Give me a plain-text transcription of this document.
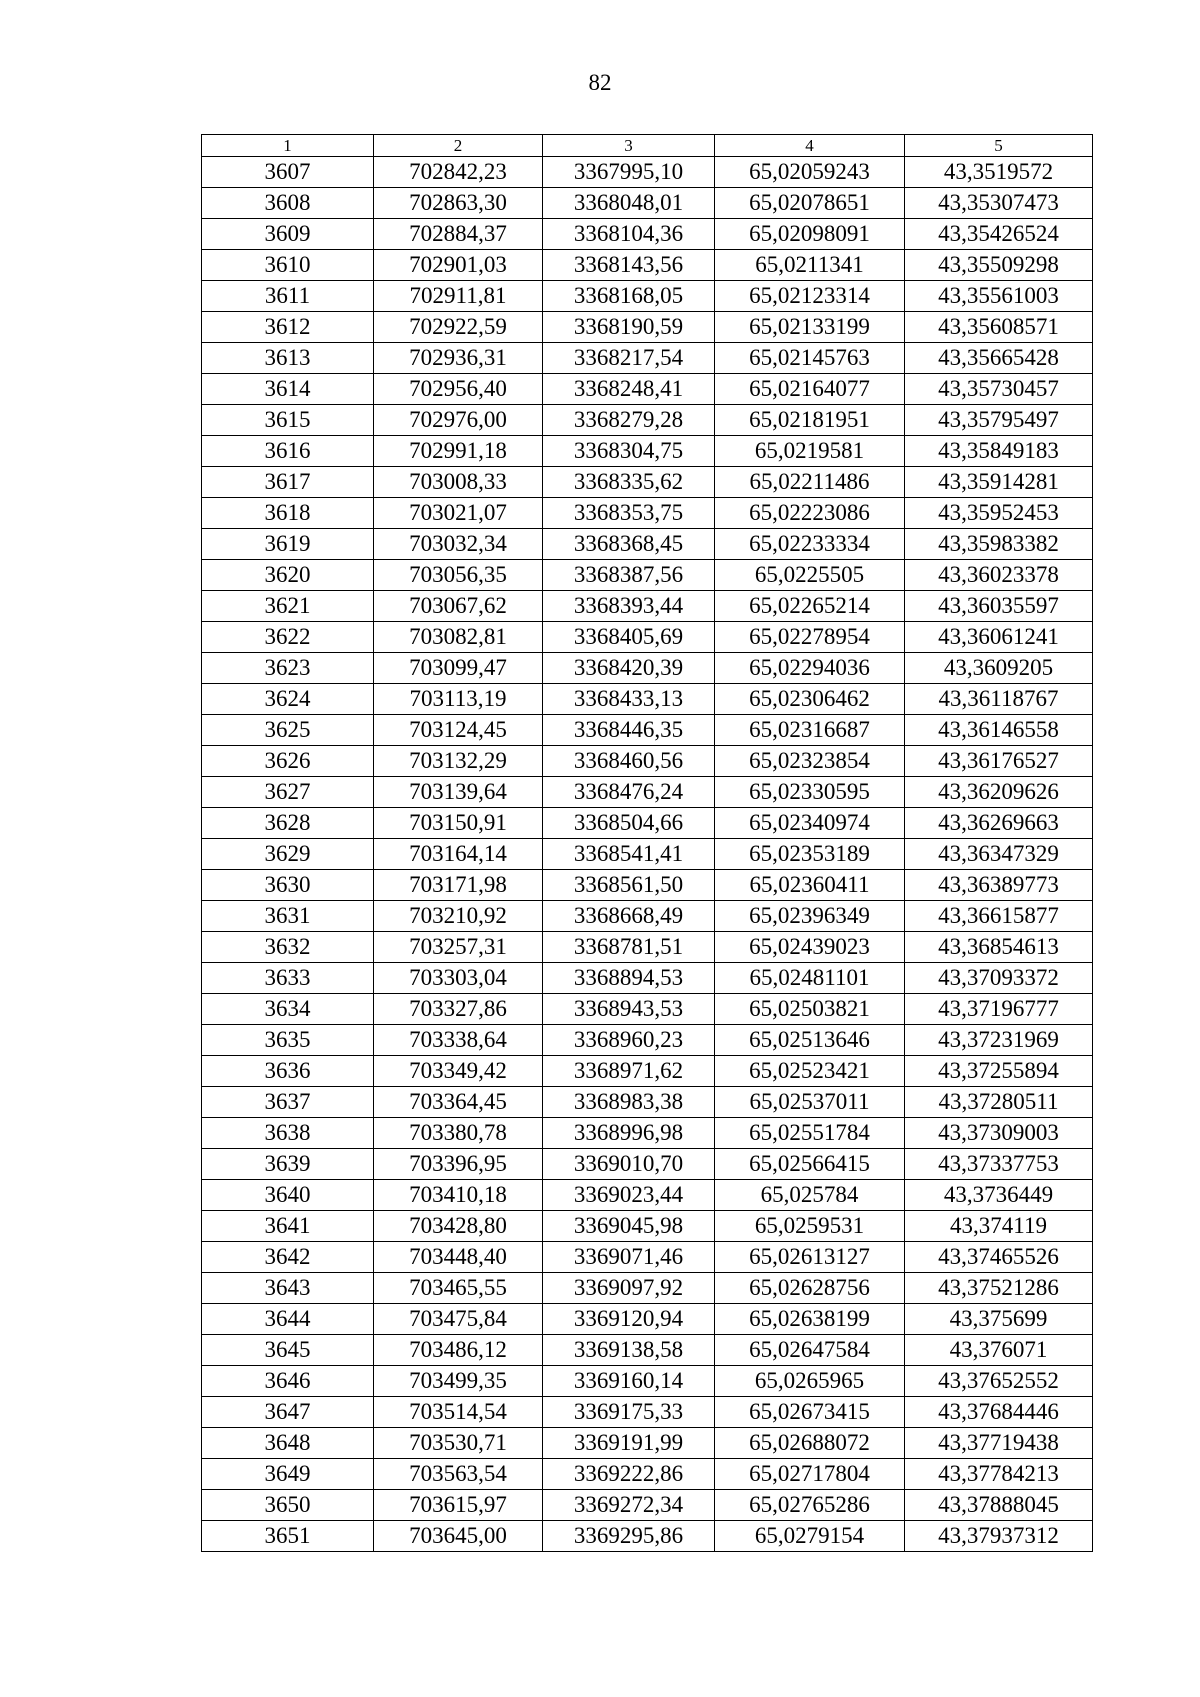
82
1	2	3	4	5
3607	702842,23	3367995,10	65,02059243	43,3519572
3608	702863,30	3368048,01	65,02078651	43,35307473
3609	702884,37	3368104,36	65,02098091	43,35426524
3610	702901,03	3368143,56	65,0211341	43,35509298
3611	702911,81	3368168,05	65,02123314	43,35561003
3612	702922,59	3368190,59	65,02133199	43,35608571
3613	702936,31	3368217,54	65,02145763	43,35665428
3614	702956,40	3368248,41	65,02164077	43,35730457
3615	702976,00	3368279,28	65,02181951	43,35795497
3616	702991,18	3368304,75	65,0219581	43,35849183
3617	703008,33	3368335,62	65,02211486	43,35914281
3618	703021,07	3368353,75	65,02223086	43,35952453
3619	703032,34	3368368,45	65,02233334	43,35983382
3620	703056,35	3368387,56	65,0225505	43,36023378
3621	703067,62	3368393,44	65,02265214	43,36035597
3622	703082,81	3368405,69	65,02278954	43,36061241
3623	703099,47	3368420,39	65,02294036	43,3609205
3624	703113,19	3368433,13	65,02306462	43,36118767
3625	703124,45	3368446,35	65,02316687	43,36146558
3626	703132,29	3368460,56	65,02323854	43,36176527
3627	703139,64	3368476,24	65,02330595	43,36209626
3628	703150,91	3368504,66	65,02340974	43,36269663
3629	703164,14	3368541,41	65,02353189	43,36347329
3630	703171,98	3368561,50	65,02360411	43,36389773
3631	703210,92	3368668,49	65,02396349	43,36615877
3632	703257,31	3368781,51	65,02439023	43,36854613
3633	703303,04	3368894,53	65,02481101	43,37093372
3634	703327,86	3368943,53	65,02503821	43,37196777
3635	703338,64	3368960,23	65,02513646	43,37231969
3636	703349,42	3368971,62	65,02523421	43,37255894
3637	703364,45	3368983,38	65,02537011	43,37280511
3638	703380,78	3368996,98	65,02551784	43,37309003
3639	703396,95	3369010,70	65,02566415	43,37337753
3640	703410,18	3369023,44	65,025784	43,3736449
3641	703428,80	3369045,98	65,0259531	43,374119
3642	703448,40	3369071,46	65,02613127	43,37465526
3643	703465,55	3369097,92	65,02628756	43,37521286
3644	703475,84	3369120,94	65,02638199	43,375699
3645	703486,12	3369138,58	65,02647584	43,376071
3646	703499,35	3369160,14	65,0265965	43,37652552
3647	703514,54	3369175,33	65,02673415	43,37684446
3648	703530,71	3369191,99	65,02688072	43,37719438
3649	703563,54	3369222,86	65,02717804	43,37784213
3650	703615,97	3369272,34	65,02765286	43,37888045
3651	703645,00	3369295,86	65,0279154	43,37937312
